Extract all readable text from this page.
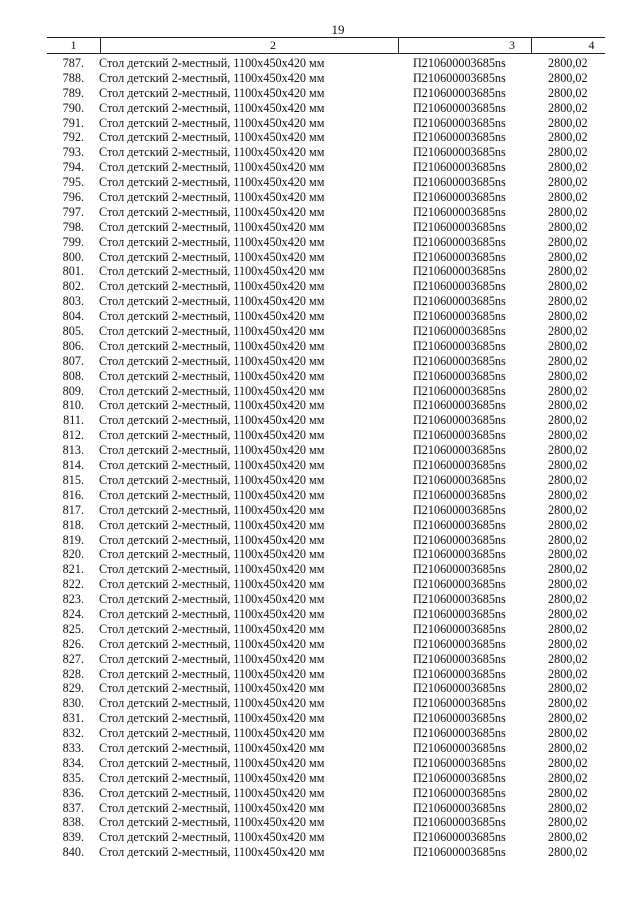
19
1	2	3	4
787. Стол детский 2-местный, 1100x450x420 мм	П210600003685ns	2800,02
788. Стол детский 2-местный, 1100x450x420 мм	П210600003685ns	2800,02
789. Стол детский 2-местный, 1100x450x420 мм	П210600003685ns	2800,02
790. Стол детский 2-местный, 1100x450x420 мм	П210600003685ns	2800,02
791. Стол детский 2-местный, 1100x450x420 мм	П210600003685ns	2800,02
792. Стол детский 2-местный, 1100x450x420 мм	П210600003685ns	2800,02
793. Стол детский 2-местный, 1100x450x420 мм	П210600003685ns	2800,02
794. Стол детский 2-местный, 1100x450x420 мм	П210600003685ns	2800,02
795. Стол детский 2-местный, 1100x450x420 мм	П210600003685ns	2800,02
796. Стол детский 2-местный, 1100x450x420 мм	П210600003685ns	2800,02
797. Стол детский 2-местный, 1100x450x420 мм	П210600003685ns	2800,02
798. Стол детский 2-местный, 1100x450x420 мм	П210600003685ns	2800,02
799. Стол детский 2-местный, 1100x450x420 мм	П210600003685ns	2800,02
800. Стол детский 2-местный, 1100x450x420 мм	П210600003685ns	2800,02
801. Стол детский 2-местный, 1100x450x420 мм	П210600003685ns	2800,02
802. Стол детский 2-местный, 1100x450x420 мм	П210600003685ns	2800,02
803. Стол детский 2-местный, 1100x450x420 мм	П210600003685ns	2800,02
804. Стол детский 2-местный, 1100x450x420 мм	П210600003685ns	2800,02
805. Стол детский 2-местный, 1100x450x420 мм	П210600003685ns	2800,02
806. Стол детский 2-местный, 1100x450x420 мм	П210600003685ns	2800,02
807. Стол детский 2-местный, 1100x450x420 мм	П210600003685ns	2800,02
808. Стол детский 2-местный, 1100x450x420 мм	П210600003685ns	2800,02
809. Стол детский 2-местный, 1100x450x420 мм	П210600003685ns	2800,02
810. Стол детский 2-местный, 1100x450x420 мм	П210600003685ns	2800,02
811. Стол детский 2-местный, 1100x450x420 мм	П210600003685ns	2800,02
812. Стол детский 2-местный, 1100x450x420 мм	П210600003685ns	2800,02
813. Стол детский 2-местный, 1100x450x420 мм	П210600003685ns	2800,02
814. Стол детский 2-местный, 1100x450x420 мм	П210600003685ns	2800,02
815. Стол детский 2-местный, 1100x450x420 мм	П210600003685ns	2800,02
816. Стол детский 2-местный, 1100x450x420 мм	П210600003685ns	2800,02
817. Стол детский 2-местный, 1100x450x420 мм	П210600003685ns	2800,02
818. Стол детский 2-местный, 1100x450x420 мм	П210600003685ns	2800,02
819. Стол детский 2-местный, 1100x450x420 мм	П210600003685ns	2800,02
820. Стол детский 2-местный, 1100x450x420 мм	П210600003685ns	2800,02
821. Стол детский 2-местный, 1100x450x420 мм	П210600003685ns	2800,02
822. Стол детский 2-местный, 1100x450x420 мм	П210600003685ns	2800,02
823. Стол детский 2-местный, 1100x450x420 мм	П210600003685ns	2800,02
824. Стол детский 2-местный, 1100x450x420 мм	П210600003685ns	2800,02
825. Стол детский 2-местный, 1100x450x420 мм	П210600003685ns	2800,02
826. Стол детский 2-местный, 1100x450x420 мм	П210600003685ns	2800,02
827. Стол детский 2-местный, 1100x450x420 мм	П210600003685ns	2800,02
828. Стол детский 2-местный, 1100x450x420 мм	П210600003685ns	2800,02
829. Стол детский 2-местный, 1100x450x420 мм	П210600003685ns	2800,02
830. Стол детский 2-местный, 1100x450x420 мм	П210600003685ns	2800,02
831. Стол детский 2-местный, 1100x450x420 мм	П210600003685ns	2800,02
832. Стол детский 2-местный, 1100x450x420 мм	П210600003685ns	2800,02
833. Стол детский 2-местный, 1100x450x420 мм	П210600003685ns	2800,02
834. Стол детский 2-местный, 1100x450x420 мм	П210600003685ns	2800,02
835. Стол детский 2-местный, 1100x450x420 мм	П210600003685ns	2800,02
836. Стол детский 2-местный, 1100x450x420 мм	П210600003685ns	2800,02
837. Стол детский 2-местный, 1100x450x420 мм	П210600003685ns	2800,02
838. Стол детский 2-местный, 1100x450x420 мм	П210600003685ns	2800,02
839. Стол детский 2-местный, 1100x450x420 мм	П210600003685ns	2800,02
840. Стол детский 2-местный, 1100x450x420 мм	П210600003685ns	2800,02
